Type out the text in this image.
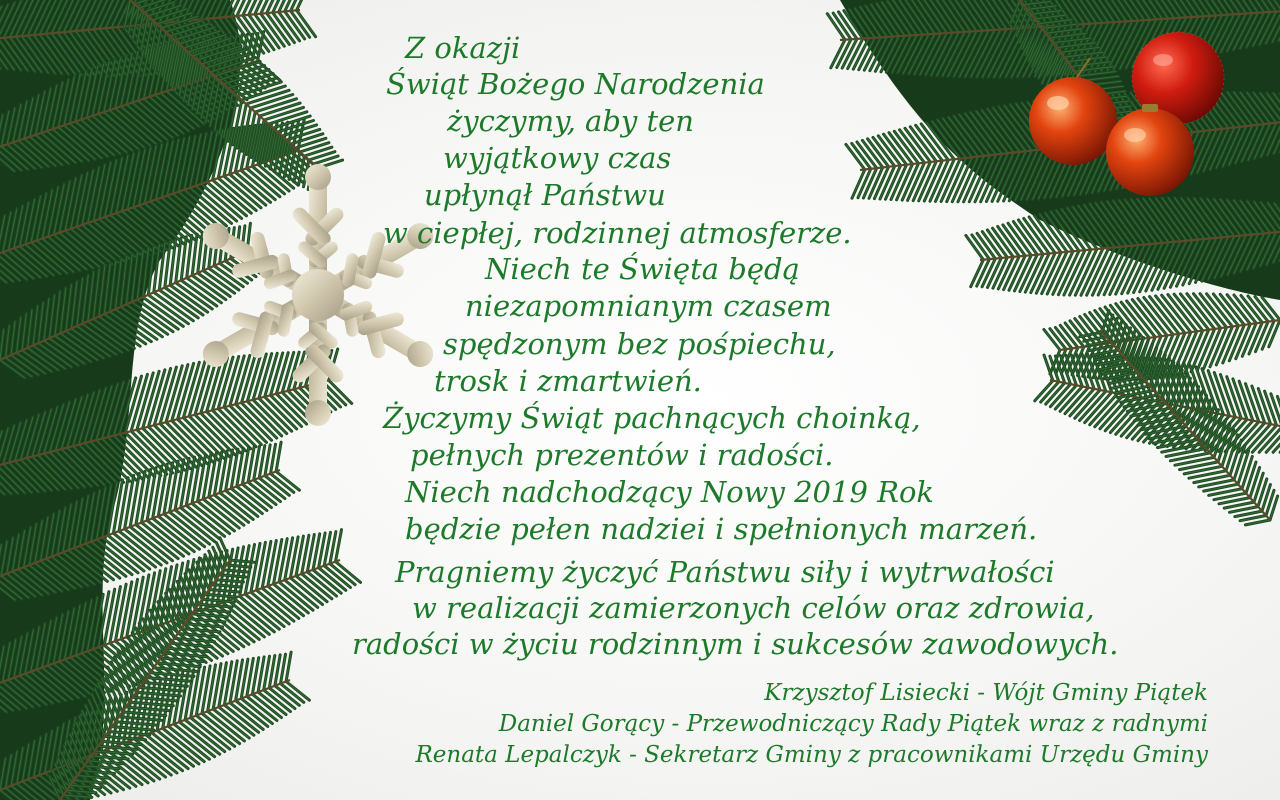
Z okazji
Świąt Bożego Narodzenia
życzymy, aby ten
wyjątkowy czas
upłynął Państwu
w ciepłej, rodzinnej atmosferze.
Niech te Święta będą
niezapomnianym czasem
spędzonym bez pośpiechu,
trosk i zmartwień.
Życzymy Świąt pachnących choinką,
pełnych prezentów i radości.
Niech nadchodzący Nowy 2019 Rok
będzie pełen nadziei i spełnionych marzeń.
Pragniemy życzyć Państwu siły i wytrwałości
w realizacji zamierzonych celów oraz zdrowia,
radości w życiu rodzinnym i sukcesów zawodowych.
Krzysztof Lisiecki - Wójt Gminy Piątek
Daniel Gorący - Przewodniczący Rady Piątek wraz z radnymi
Renata Lepalczyk - Sekretarz Gminy z pracownikami Urzędu Gminy
